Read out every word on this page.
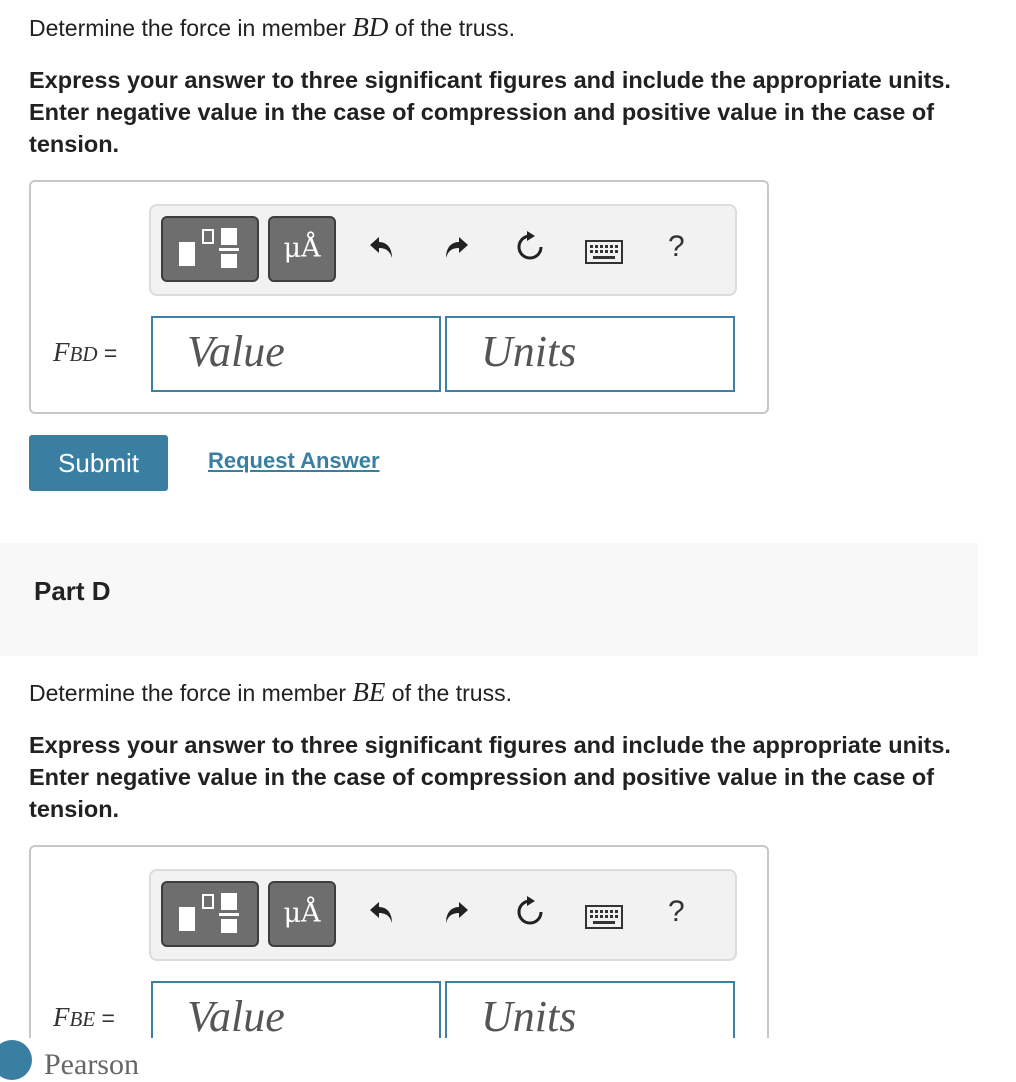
Determine the force in member BD of the truss.
Express your answer to three significant figures and include the appropriate units. Enter negative value in the case of compression and positive value in the case of tension.
μÅ	?
FBD =	Value	Units
Submit	Request Answer
Part D
Determine the force in member BE of the truss.
Express your answer to three significant figures and include the appropriate units. Enter negative value in the case of compression and positive value in the case of tension.
μÅ	?
FBE =	Value	Units
Pearson
